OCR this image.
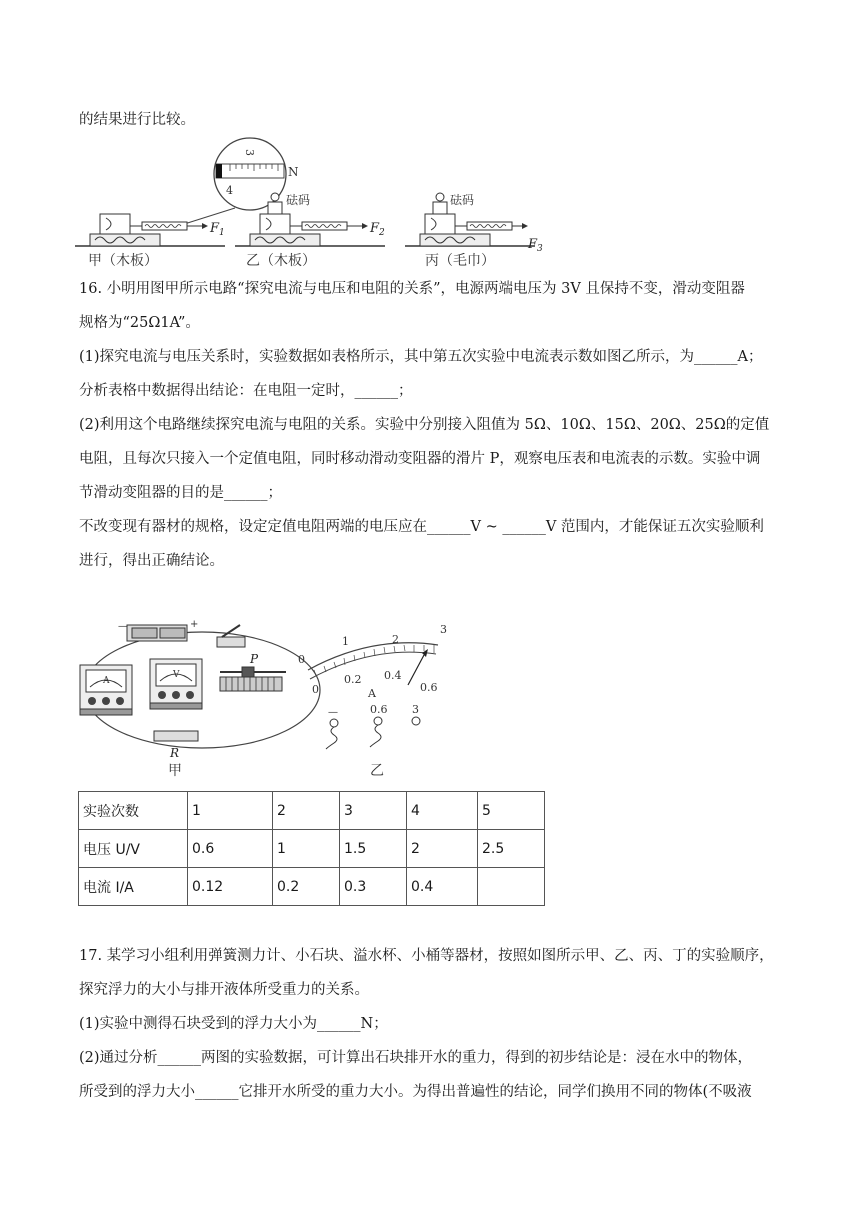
的结果进行比较。
3
4
N
$F_1$
砝码
$F_2$
砝码
$F_3$
甲（木板）	乙（木板）	丙（毛巾）
16. 小明用图甲所示电路“探究电流与电压和电阻的关系”，电源两端电压为 3V 且保持不变，滑动变阻器
规格为“25Ω1A”。
(1)探究电流与电压关系时，实验数据如表格所示，其中第五次实验中电流表示数如图乙所示，为______A；
分析表格中数据得出结论：在电阻一定时，______；
(2)利用这个电路继续探究电流与电阻的关系。实验中分别接入阻值为 5Ω、10Ω、15Ω、20Ω、25Ω的定值
电阻，且每次只接入一个定值电阻，同时移动滑动变阻器的滑片 P，观察电压表和电流表的示数。实验中调
节滑动变阻器的目的是______；
不改变现有器材的规格，设定定值电阻两端的电压应在______V ~ ______V 范围内，才能保证五次实验顺利
进行，得出正确结论。
—	+
A
V
P
R
甲
0
1	2
3
0
0.2 0.4
0.6
A
—	0.6 3
乙
实验次数	1	2	3	4	5
电压 U/V	0.6	1	1.5	2	2.5
电流 I/A	0.12	0.2	0.3	0.4	
17. 某学习小组利用弹簧测力计、小石块、溢水杯、小桶等器材，按照如图所示甲、乙、丙、丁的实验顺序，
探究浮力的大小与排开液体所受重力的关系。
(1)实验中测得石块受到的浮力大小为______N；
(2)通过分析______两图的实验数据，可计算出石块排开水的重力，得到的初步结论是：浸在水中的物体，
所受到的浮力大小______它排开水所受的重力大小。为得出普遍性的结论，同学们换用不同的物体(不吸液
